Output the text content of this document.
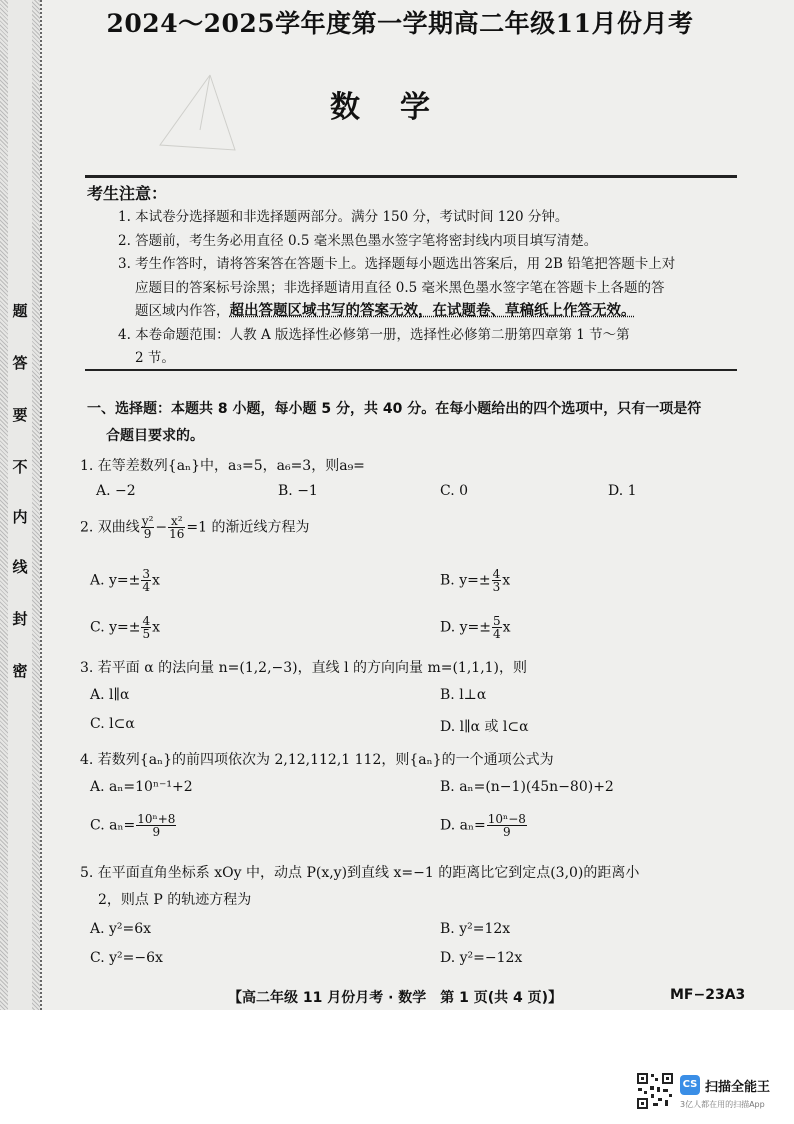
题
答
要
不
内
线
封
密
2024～2025学年度第一学期高二年级11月份月考
数学
考生注意：
1. 本试卷分选择题和非选择题两部分。满分 150 分，考试时间 120 分钟。
2. 答题前，考生务必用直径 0.5 毫米黑色墨水签字笔将密封线内项目填写清楚。
3. 考生作答时，请将答案答在答题卡上。选择题每小题选出答案后，用 2B 铅笔把答题卡上对
应题目的答案标号涂黑；非选择题请用直径 0.5 毫米黑色墨水签字笔在答题卡上各题的答
题区域内作答，超出答题区域书写的答案无效，在试题卷、草稿纸上作答无效。
4. 本卷命题范围：人教 A 版选择性必修第一册，选择性必修第二册第四章第 1 节～第
2 节。
一、选择题：本题共 8 小题，每小题 5 分，共 40 分。在每小题给出的四个选项中，只有一项是符
合题目要求的。
1. 在等差数列{aₙ}中，a₃=5，a₆=3，则a₉=
A. −2	B. −1	C. 0	D. 1
2. 双曲线 $\frac{\text{y²}}{9} - \frac{\text{x²}}{16} =1$ 的渐近线方程为
A. $y=\pm \frac{3}{4}$ x	B. $y=\pm \frac{4}{3}$ x
C. $y=\pm \frac{4}{5}$ x	D. $y=\pm \frac{5}{4}$ x
3. 若平面 α 的法向量 n=(1,2,−3)，直线 l 的方向向量 m=(1,1,1)，则
A. l∥α	B. l⊥α
C. l⊂α	D. l∥α 或 l⊂α
4. 若数列{aₙ}的前四项依次为 2,12,112,1 112，则{aₙ}的一个通项公式为
A. aₙ=10ⁿ⁻¹+2	B. aₙ=(n−1)(45n−80)+2
C. $a_n= \frac{\text{10ⁿ+8}}{9}$	D. $a_n= \frac{\text{10ⁿ−8}}{9}$
5. 在平面直角坐标系 xOy 中，动点 P(x,y)到直线 x=−1 的距离比它到定点(3,0)的距离小
2，则点 P 的轨迹方程为
A. y²=6x	B. y²=12x
C. y²=−6x	D. y²=−12x
【高二年级 11 月份月考 · 数学　第 1 页(共 4 页)】	MF−23A3
CS 扫描全能王
3亿人都在用的扫描App
